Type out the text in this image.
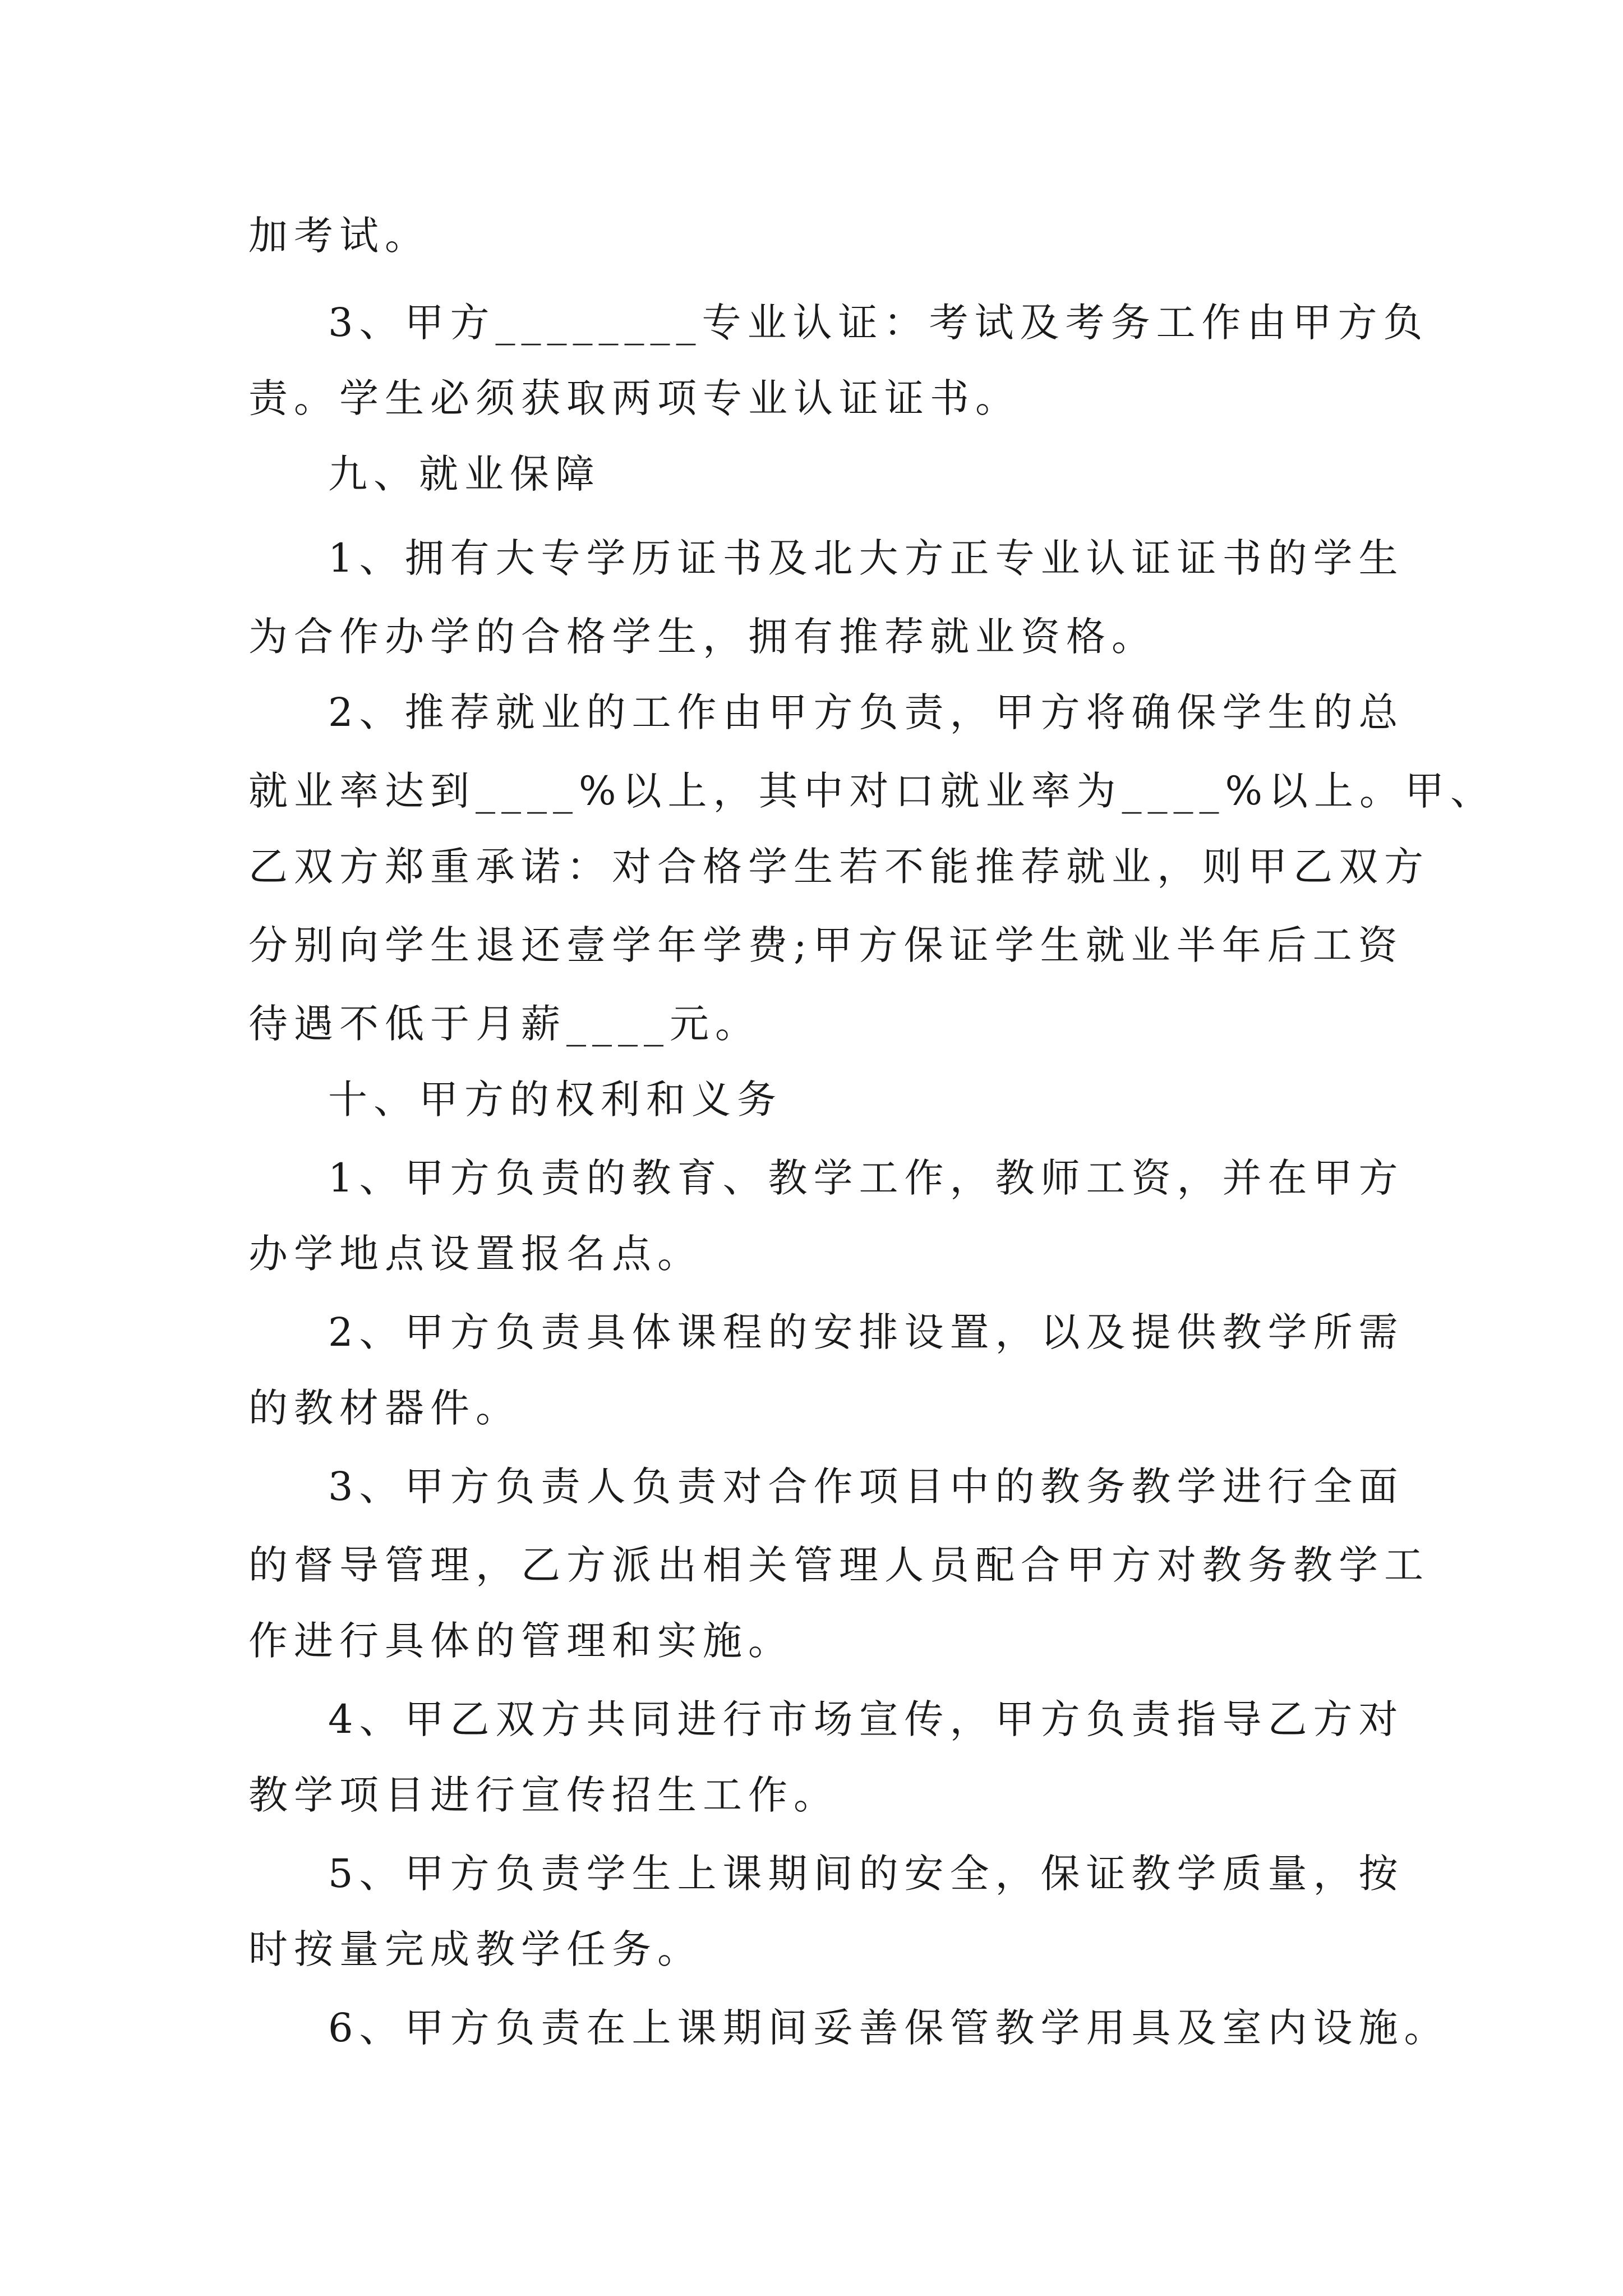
加考试。
3、甲方________专业认证：考试及考务工作由甲方负
责。学生必须获取两项专业认证证书。
九、就业保障
1、拥有大专学历证书及北大方正专业认证证书的学生
为合作办学的合格学生，拥有推荐就业资格。
2、推荐就业的工作由甲方负责，甲方将确保学生的总
就业率达到____%以上，其中对口就业率为____%以上。甲、
乙双方郑重承诺：对合格学生若不能推荐就业，则甲乙双方
分别向学生退还壹学年学费;甲方保证学生就业半年后工资
待遇不低于月薪____元。
十、甲方的权利和义务
1、甲方负责的教育、教学工作，教师工资，并在甲方
办学地点设置报名点。
2、甲方负责具体课程的安排设置，以及提供教学所需
的教材器件。
3、甲方负责人负责对合作项目中的教务教学进行全面
的督导管理，乙方派出相关管理人员配合甲方对教务教学工
作进行具体的管理和实施。
4、甲乙双方共同进行市场宣传，甲方负责指导乙方对
教学项目进行宣传招生工作。
5、甲方负责学生上课期间的安全，保证教学质量，按
时按量完成教学任务。
6、甲方负责在上课期间妥善保管教学用具及室内设施。
